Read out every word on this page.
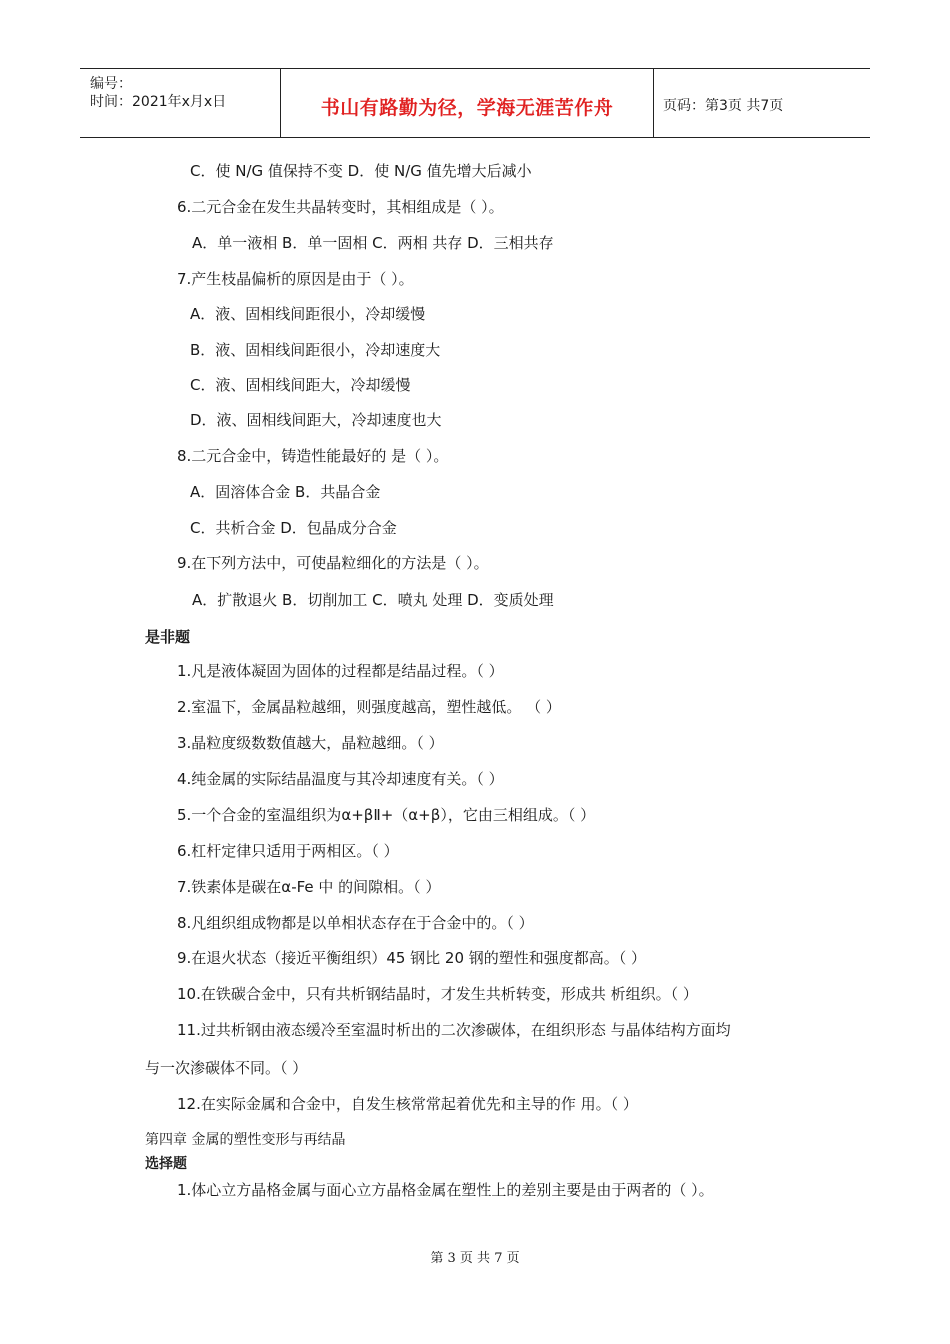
编号：
时间：2021年x月x日	书山有路勤为径，学海无涯苦作舟	页码：第3页 共7页
C．使 N/G 值保持不变 D．使 N/G 值先增大后减小
6.二元合金在发生共晶转变时，其相组成是（ ）。
A．单一液相 B．单一固相 C．两相 共存 D．三相共存
7.产生枝晶偏析的原因是由于（ ）。
A．液、固相线间距很小，冷却缓慢
B．液、固相线间距很小，冷却速度大
C．液、固相线间距大，冷却缓慢
D．液、固相线间距大，冷却速度也大
8.二元合金中，铸造性能最好的 是（ ）。
A．固溶体合金 B．共晶合金
C．共析合金 D．包晶成分合金
9.在下列方法中，可使晶粒细化的方法是（ ）。
A．扩散退火 B．切削加工 C．喷丸 处理 D．变质处理
是非题
1.凡是液体凝固为固体的过程都是结晶过程。（ ）
2.室温下，金属晶粒越细，则强度越高，塑性越低。 （ ）
3.晶粒度级数数值越大，晶粒越细。（ ）
4.纯金属的实际结晶温度与其冷却速度有关。（ ）
5.一个合金的室温组织为α+βⅡ+（α+β），它由三相组成。（ ）
6.杠杆定律只适用于两相区。（ ）
7.铁素体是碳在α-Fe 中 的间隙相。（ ）
8.凡组织组成物都是以单相状态存在于合金中的。（ ）
9.在退火状态（接近平衡组织）45 钢比 20 钢的塑性和强度都高。（ ）
10.在铁碳合金中，只有共析钢结晶时，才发生共析转变，形成共 析组织。（ ）
11.过共析钢由液态缓冷至室温时析出的二次渗碳体，在组织形态 与晶体结构方面均
与一次渗碳体不同。（ ）
12.在实际金属和合金中，自发生核常常起着优先和主导的作 用。（ ）
第四章 金属的塑性变形与再结晶
选择题
1.体心立方晶格金属与面心立方晶格金属在塑性上的差别主要是由于两者的（ ）。
第 3 页 共 7 页
